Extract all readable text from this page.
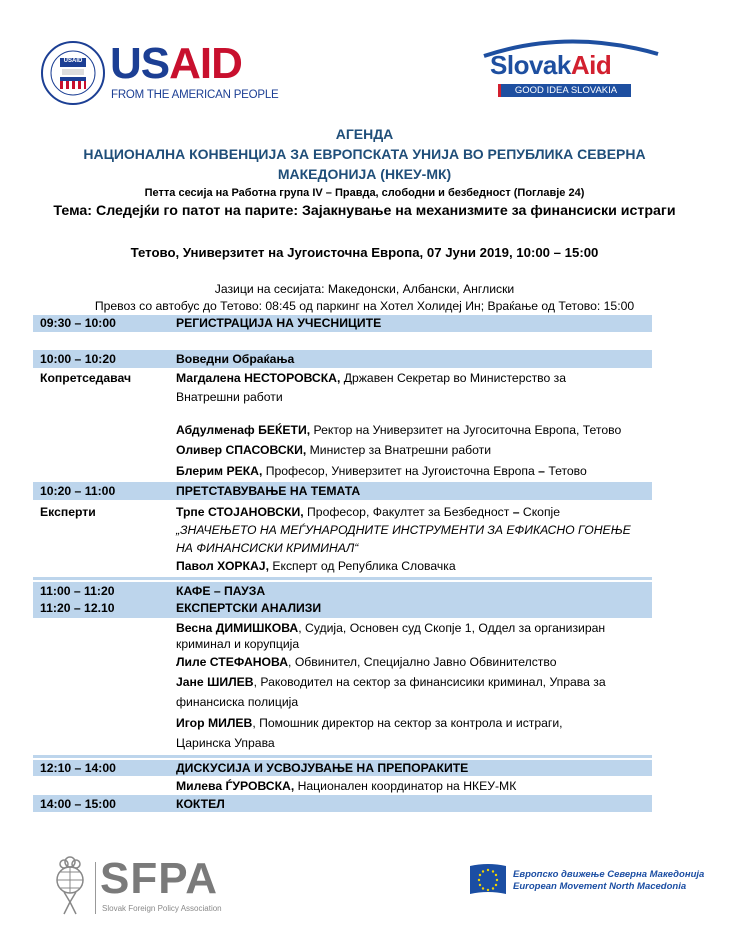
USAID USAID
FROM THE AMERICAN PEOPLE
SlovakAid
GOOD IDEA SLOVAKIA
АГЕНДА
НАЦИОНАЛНА КОНВЕНЦИЈА ЗА ЕВРОПСКАТА УНИЈА ВО РЕПУБЛИКА СЕВЕРНА
МАКЕДОНИЈА (НКЕУ-МК)
Петта сесија на Работна група IV – Правда, слободни и безбедност (Поглавје 24)
Тема: Следејќи го патот на парите: Зајакнување на механизмите за финансиски истраги
Тетово, Универзитет на Југоисточна Европа, 07 Јуни 2019, 10:00 – 15:00
Јазици на сесијата: Македонски, Албански, Англиски
Превоз со автобус до Тетово: 08:45 од паркинг на Хотел Холидеј Ин; Враќање од Тетово: 15:00
09:30 – 10:00	РЕГИСТРАЦИЈА НА УЧЕСНИЦИТЕ
10:00 – 10:20	Воведни Обраќања
Копретседавач	Магдалена НЕСТОРОВСКА, Државен Секретар во Министерство за
Внатрешни работи
Абдулменаф БЕЌЕТИ, Ректор на Универзитет на Југоситочна Европа, Тетово
Оливер СПАСОВСКИ, Министер за Внатрешни работи
Блерим РЕКА, Професор, Универзитет на Југоисточна Европа – Тетово
10:20 – 11:00	ПРЕТСТАВУВАЊЕ НА ТЕМАТА
Експерти	Трпе СТОЈАНОВСКИ, Професор, Факултет за Безбедност – Скопје
„ЗНАЧЕЊЕТО НА МЕЃУНАРОДНИТЕ ИНСТРУМЕНТИ ЗА ЕФИКАСНО ГОНЕЊЕ
НА ФИНАНСИСКИ КРИМИНАЛ“
Павол ХОРКАЈ, Експерт од Република Словачка
11:00 – 11:20	КАФЕ – ПАУЗА
11:20 – 12.10	ЕКСПЕРТСКИ АНАЛИЗИ
Весна ДИМИШКОВА, Судија, Основен суд Скопје 1, Оддел за организиран
криминал и корупција
Лиле СТЕФАНОВА, Обвинител, Специјално Јавно Обвинителство
Јане ШИЛЕВ, Раководител на сектор за финансисики криминал, Управа за
финансиска полиција
Игор МИЛЕВ, Помошник директор на сектор за контрола и истраги,
Царинска Управа
12:10 – 14:00	ДИСКУСИЈА И УСВОЈУВАЊЕ НА ПРЕПОРАКИТЕ
Милева ЃУРОВСКА, Национален координатор на НКЕУ-МК
14:00 – 15:00	КОКТЕЛ
SFPA
Slovak Foreign Policy Association
Европско движење Северна Македонија
European Movement North Macedonia
